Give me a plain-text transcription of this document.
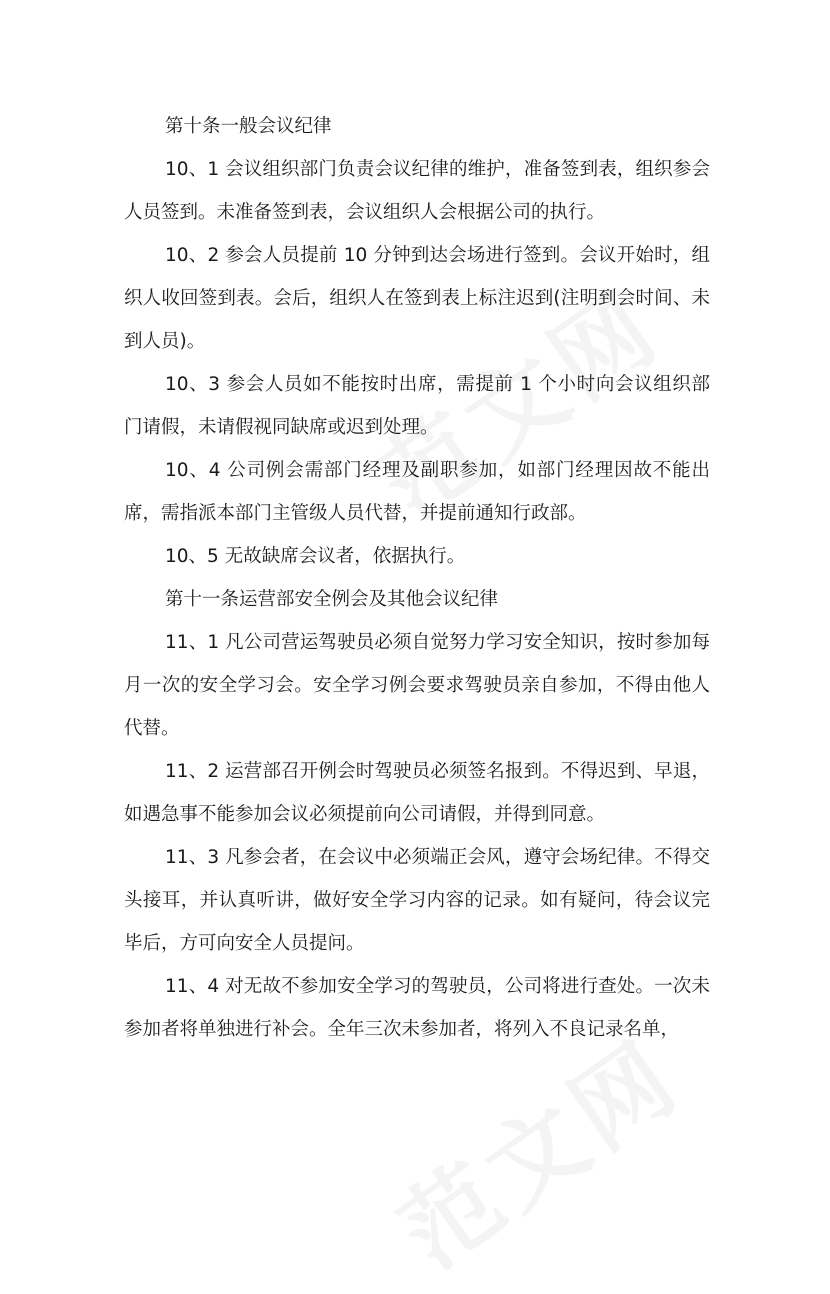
第十条一般会议纪律

10、1 会议组织部门负责会议纪律的维护，准备签到表，组织参会人员签到。未准备签到表，会议组织人会根据公司的执行。

10、2 参会人员提前 10 分钟到达会场进行签到。会议开始时，组织人收回签到表。会后，组织人在签到表上标注迟到(注明到会时间、未到人员)。

10、3 参会人员如不能按时出席，需提前 1 个小时向会议组织部门请假，未请假视同缺席或迟到处理。

10、4 公司例会需部门经理及副职参加，如部门经理因故不能出席，需指派本部门主管级人员代替，并提前通知行政部。

10、5 无故缺席会议者，依据执行。

第十一条运营部安全例会及其他会议纪律

11、1 凡公司营运驾驶员必须自觉努力学习安全知识，按时参加每月一次的安全学习会。安全学习例会要求驾驶员亲自参加，不得由他人代替。

11、2 运营部召开例会时驾驶员必须签名报到。不得迟到、早退，如遇急事不能参加会议必须提前向公司请假，并得到同意。

11、3 凡参会者，在会议中必须端正会风，遵守会场纪律。不得交头接耳，并认真听讲，做好安全学习内容的记录。如有疑问，待会议完毕后，方可向安全人员提问。

11、4 对无故不参加安全学习的驾驶员，公司将进行查处。一次未参加者将单独进行补会。全年三次未参加者，将列入不良记录名单，
